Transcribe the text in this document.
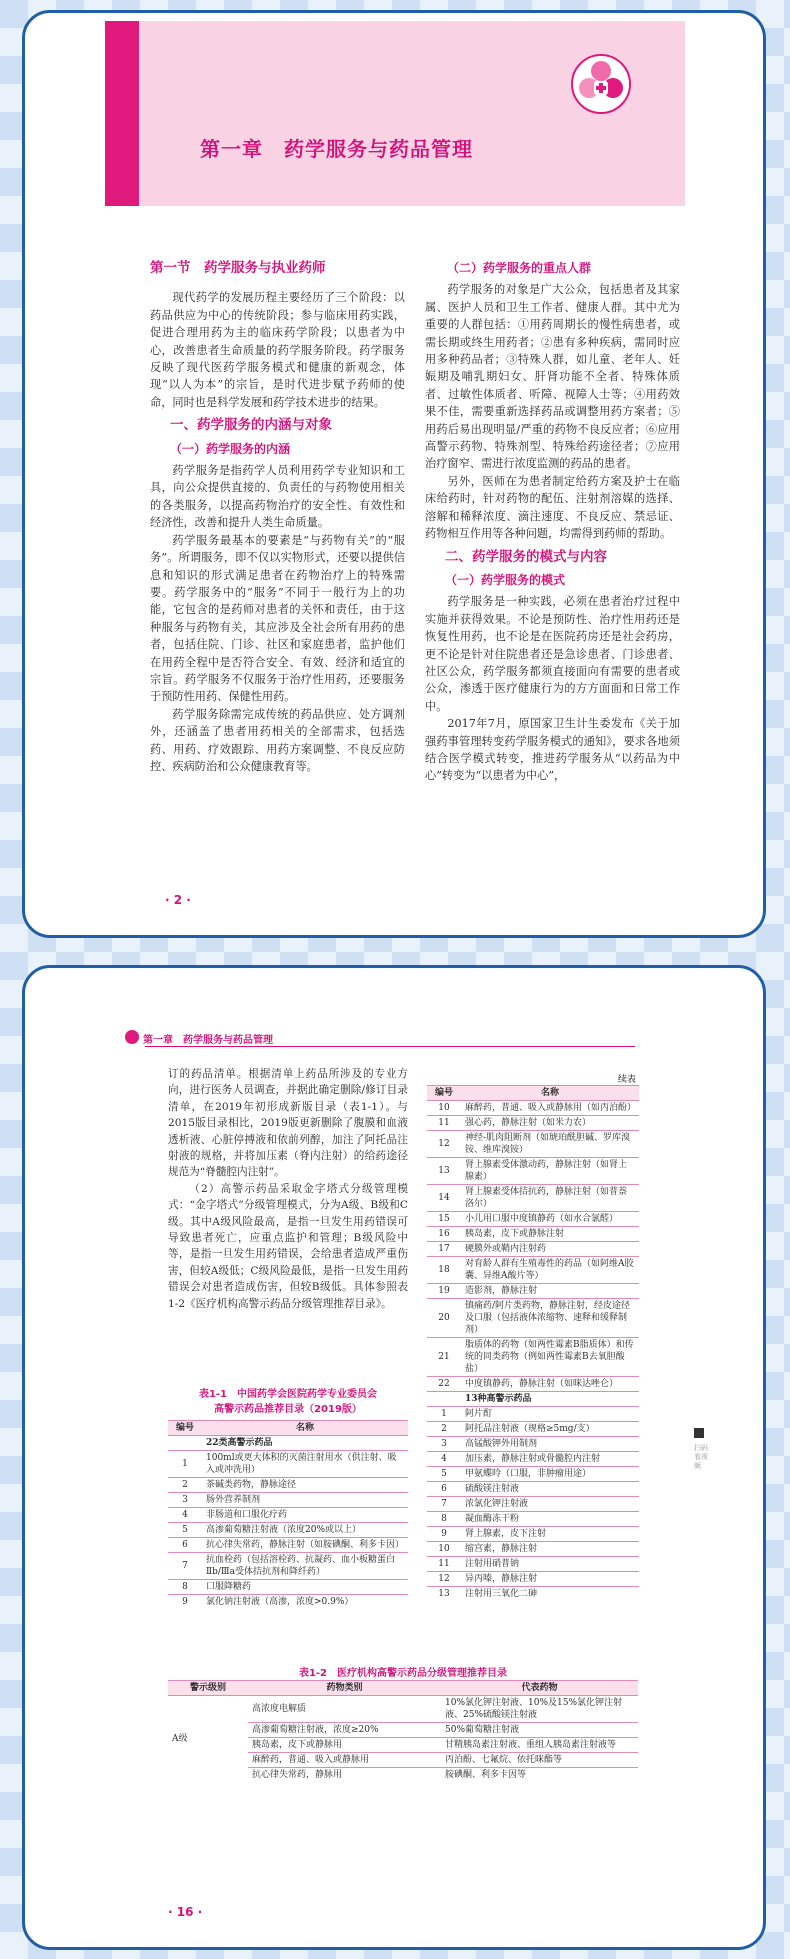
第一章　药学服务与药品管理
第一节　药学服务与执业药师

现代药学的发展历程主要经历了三个阶段：以药品供应为中心的传统阶段；参与临床用药实践，促进合理用药为主的临床药学阶段；以患者为中心，改善患者生命质量的药学服务阶段。药学服务反映了现代医药学服务模式和健康的新观念，体现“以人为本”的宗旨，是时代进步赋予药师的使命，同时也是科学发展和药学技术进步的结果。

一、药学服务的内涵与对象
（一）药学服务的内涵

药学服务是指药学人员利用药学专业知识和工具，向公众提供直接的、负责任的与药物使用相关的各类服务，以提高药物治疗的安全性、有效性和经济性，改善和提升人类生命质量。

药学服务最基本的要素是“与药物有关”的“服务”。所谓服务，即不仅以实物形式，还要以提供信息和知识的形式满足患者在药物治疗上的特殊需要。药学服务中的“服务”不同于一般行为上的功能，它包含的是药师对患者的关怀和责任，由于这种服务与药物有关，其应涉及全社会所有用药的患者，包括住院、门诊、社区和家庭患者，监护他们在用药全程中是否符合安全、有效、经济和适宜的宗旨。药学服务不仅服务于治疗性用药，还要服务于预防性用药、保健性用药。

药学服务除需完成传统的药品供应、处方调剂外，还涵盖了患者用药相关的全部需求，包括选药、用药、疗效跟踪、用药方案调整、不良反应防控、疾病防治和公众健康教育等。

（二）药学服务的重点人群

药学服务的对象是广大公众，包括患者及其家属、医护人员和卫生工作者、健康人群。其中尤为重要的人群包括：①用药周期长的慢性病患者，或需长期或终生用药者；②患有多种疾病，需同时应用多种药品者；③特殊人群，如儿童、老年人、妊娠期及哺乳期妇女、肝肾功能不全者、特殊体质者、过敏性体质者、听障、视障人士等；④用药效果不佳，需要重新选择药品或调整用药方案者；⑤用药后易出现明显/严重的药物不良反应者；⑥应用高警示药物、特殊剂型、特殊给药途径者；⑦应用治疗窗窄、需进行浓度监测的药品的患者。

另外，医师在为患者制定给药方案及护士在临床给药时，针对药物的配伍、注射剂溶媒的选择、溶解和稀释浓度、滴注速度、不良反应、禁忌证、药物相互作用等各种问题，均需得到药师的帮助。

二、药学服务的模式与内容
（一）药学服务的模式

药学服务是一种实践，必须在患者治疗过程中实施并获得效果。不论是预防性、治疗性用药还是恢复性用药，也不论是在医院药房还是社会药房，更不论是针对住院患者还是急诊患者、门诊患者、社区公众，药学服务都须直接面向有需要的患者或公众，渗透于医疗健康行为的方方面面和日常工作中。

2017年7月，原国家卫生计生委发布《关于加强药事管理转变药学服务模式的通知》，要求各地须结合医学模式转变，推进药学服务从“以药品为中心”转变为“以患者为中心”，

· 2 ·
第一章　药学服务与药品管理

订的药品清单。根据清单上药品所涉及的专业方向，进行医务人员调查，并据此确定删除/修订目录清单，在2019年初形成新版目录（表1-1）。与2015版目录相比，2019版更新删除了腹膜和血液透析液、心脏停搏液和依前列醇，加注了阿托品注射液的规格，并将加压素（脊内注射）的给药途径规范为“脊髓腔内注射”。

（2）高警示药品采取金字塔式分级管理模式：“金字塔式”分级管理模式，分为A级、B级和C级。其中A级风险最高，是指一旦发生用药错误可导致患者死亡，应重点监护和管理；B级风险中等，是指一旦发生用药错误，会给患者造成严重伤害，但较A级低；C级风险最低，是指一旦发生用药错误会对患者造成伤害，但较B级低。具体参照表1-2《医疗机构高警示药品分级管理推荐目录》。

表1-1　中国药学会医院药学专业委员会
高警示药品推荐目录（2019版）
编号	名称
	22类高警示药品
1	100ml或更大体积的灭菌注射用水（供注射、吸入或冲洗用）
2	茶碱类药物，静脉途径
3	肠外营养制剂
4	非肠道和口服化疗药
5	高渗葡萄糖注射液（浓度20%或以上）
6	抗心律失常药，静脉注射（如胺碘酮、利多卡因）
7	抗血栓药（包括溶栓药、抗凝药、血小板糖蛋白Ⅱb/Ⅲa受体拮抗剂和降纤药）
8	口服降糖药
9	氯化钠注射液（高渗，浓度>0.9%）
续表
编号	名称
10	麻醉药，普通、吸入或静脉用（如丙泊酚）
11	强心药，静脉注射（如米力农）
12	神经-肌肉阻断剂（如琥珀酰胆碱、罗库溴铵、维库溴铵）
13	肾上腺素受体激动药，静脉注射（如肾上腺素）
14	肾上腺素受体拮抗药，静脉注射（如普萘洛尔）
15	小儿用口服中度镇静药（如水合氯醛）
16	胰岛素，皮下或静脉注射
17	硬膜外或鞘内注射药
18	对育龄人群有生殖毒性的药品（如阿维A胶囊、异维A酸片等）
19	造影剂，静脉注射
20	镇痛药/阿片类药物，静脉注射，经皮途径及口服（包括液体浓缩物、速释和缓释制剂）
21	脂质体的药物（如两性霉素B脂质体）和传统的同类药物（例如两性霉素B去氧胆酸盐）
22	中度镇静药，静脉注射（如咪达唑仑）
	13种高警示药品
1	阿片酊
2	阿托品注射液（规格≥5mg/支）
3	高锰酸钾外用制剂
4	加压素，静脉注射或骨髓腔内注射
5	甲氨蝶呤（口服，非肿瘤用途）
6	硫酸镁注射液
7	浓氯化钾注射液
8	凝血酶冻干粉
9	肾上腺素，皮下注射
10	缩宫素，静脉注射
11	注射用硝普钠
12	异丙嗪，静脉注射
13	注射用三氧化二砷
扫码看视频
表1-2　医疗机构高警示药品分级管理推荐目录
警示级别	药物类别	代表药物
A级	高浓度电解质	10%氯化钾注射液、10%及15%氯化钾注射液、25%硫酸镁注射液
	高渗葡萄糖注射液，浓度≥20%	50%葡萄糖注射液
	胰岛素，皮下或静脉用	甘精胰岛素注射液、重组人胰岛素注射液等
	麻醉药，普通、吸入或静脉用	丙泊酚、七氟烷、依托咪酯等
	抗心律失常药，静脉用	胺碘酮、利多卡因等
· 16 ·
